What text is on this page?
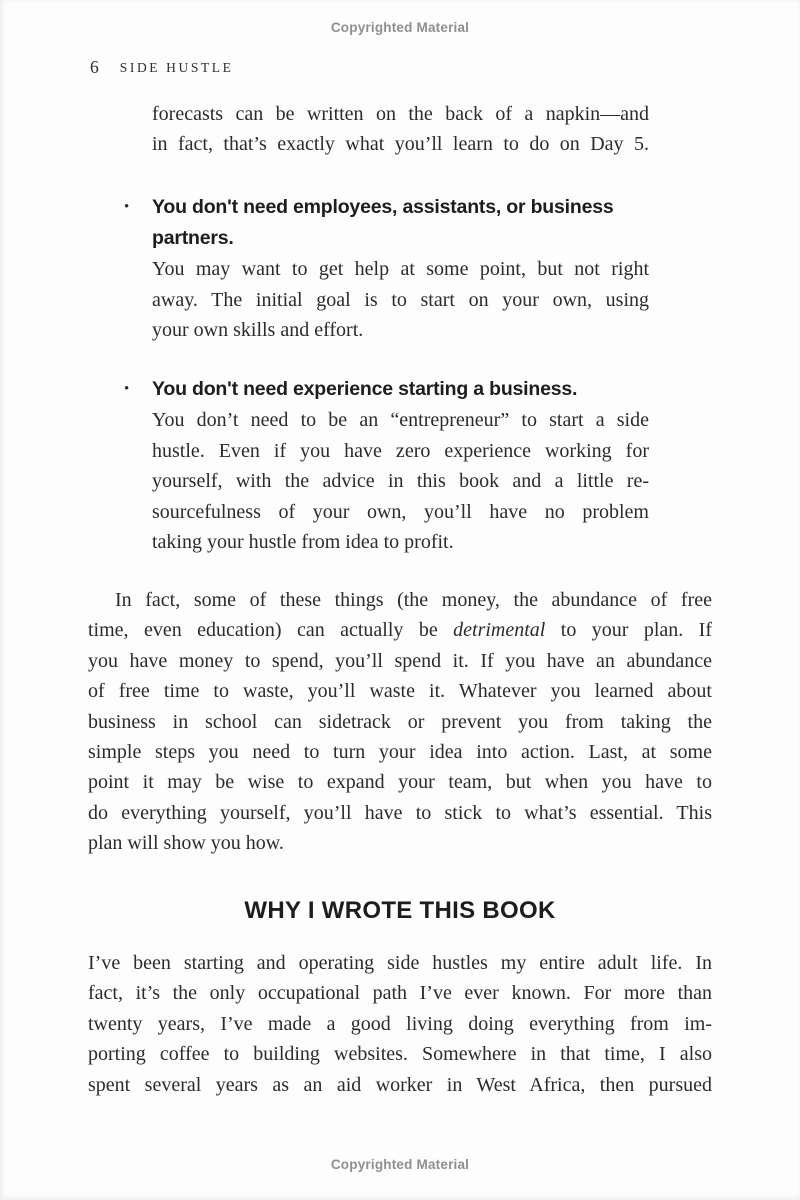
Copyrighted Material
6 SIDE HUSTLE
forecasts can be written on the back of a napkin—and
in fact, that’s exactly what you’ll learn to do on Day 5.
• You don't need employees, assistants, or business
partners.
You may want to get help at some point, but not right
away. The initial goal is to start on your own, using
your own skills and effort.
• You don't need experience starting a business.
You don’t need to be an “entrepreneur” to start a side
hustle. Even if you have zero experience working for
yourself, with the advice in this book and a little re-
sourcefulness of your own, you’ll have no problem
taking your hustle from idea to profit.
In fact, some of these things (the money, the abundance of free
time, even education) can actually be detrimental to your plan. If
you have money to spend, you’ll spend it. If you have an abundance
of free time to waste, you’ll waste it. Whatever you learned about
business in school can sidetrack or prevent you from taking the
simple steps you need to turn your idea into action. Last, at some
point it may be wise to expand your team, but when you have to
do everything yourself, you’ll have to stick to what’s essential. This
plan will show you how.
WHY I WROTE THIS BOOK
I’ve been starting and operating side hustles my entire adult life. In
fact, it’s the only occupational path I’ve ever known. For more than
twenty years, I’ve made a good living doing everything from im-
porting coffee to building websites. Somewhere in that time, I also
spent several years as an aid worker in West Africa, then pursued
Copyrighted Material
